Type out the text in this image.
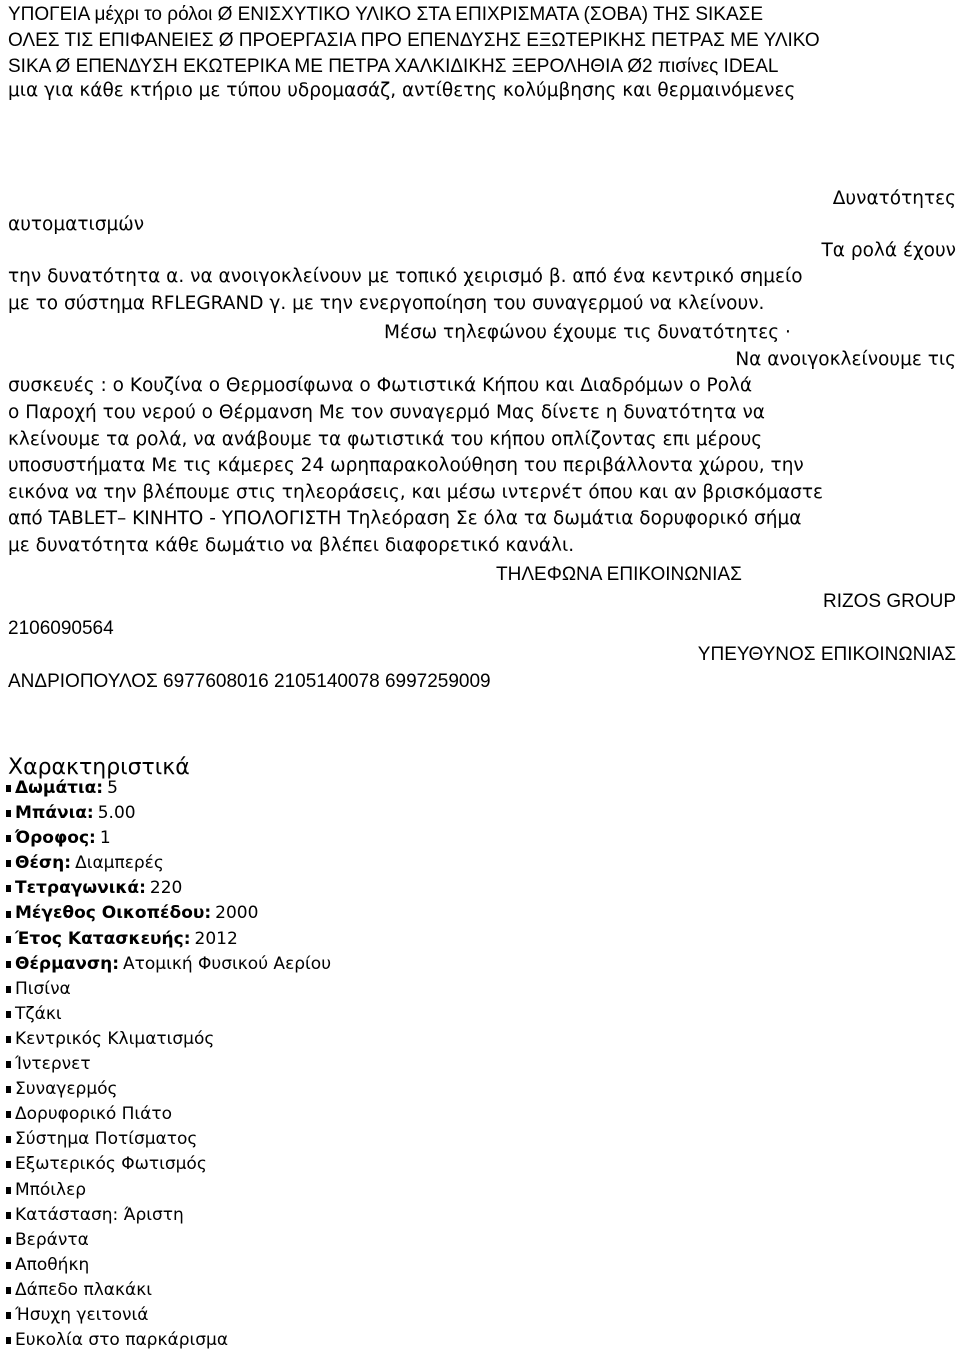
ΥΠΟΓΕΙΑ μέχρι το ρόλοι Ø ΕΝΙΣΧΥΤΙΚΟ ΥΛΙΚΟ ΣΤΑ ΕΠΙΧΡΙΣΜΑΤΑ (ΣΟΒΑ) ΤΗΣ SIKAΣΕ
ΟΛΕΣ ΤΙΣ ΕΠΙΦΑΝΕΙΕΣ Ø ΠΡΟΕΡΓΑΣΙΑ ΠΡΟ ΕΠΕΝΔΥΣΗΣ ΕΞΩΤΕΡΙΚΗΣ ΠΕΤΡΑΣ ΜΕ ΥΛΙΚΟ
SIKA Ø ΕΠΕΝΔΥΣΗ ΕΚΩΤΕΡΙΚΑ ΜΕ ΠΕΤΡΑ ΧΑΛΚΙΔΙΚΗΣ ΞΕΡΟΛΗΘΙΑ Ø2 πισίνες IDEAL
μια για κάθε κτήριο με τύπου υδρομασάζ, αντίθετης κολύμβησης και θερμαινόμενες
Δυνατότητες
αυτοματισμών
Τα ρολά έχουν
την δυνατότητα α. να ανοιγοκλείνουν με τοπικό χειρισμό β. από ένα κεντρικό σημείο
με το σύστημα RFLEGRAND γ. με την ενεργοποίηση του συναγερμού να κλείνουν.
Μέσω τηλεφώνου έχουμε τις δυνατότητες ·
Να ανοιγοκλείνουμε τις
συσκευές : o Κουζίνα o Θερμοσίφωνα o Φωτιστικά Κήπου και Διαδρόμων o Ρολά
o Παροχή του νερού o Θέρμανση Με τον συναγερμό Μας δίνετε η δυνατότητα να
κλείνουμε τα ρολά, να ανάβουμε τα φωτιστικά του κήπου οπλίζοντας επι μέρους
υποσυστήματα Με τις κάμερες 24 ωρηπαρακολούθηση του περιβάλλοντα χώρου, την
εικόνα να την βλέπουμε στις τηλεοράσεις, και μέσω ιντερνέτ όπου και αν βρισκόμαστε
από TABLET– ΚΙΝΗΤΟ - ΥΠΟΛΟΓΙΣΤΗ Τηλεόραση Σε όλα τα δωμάτια δορυφορικό σήμα
με δυνατότητα κάθε δωμάτιο να βλέπει διαφορετικό κανάλι.
ΤΗΛΕΦΩΝΑ ΕΠΙΚΟΙΝΩΝΙΑΣ
RIZOS GROUP
2106090564
ΥΠΕΥΘΥΝΟΣ ΕΠΙΚΟΙΝΩΝΙΑΣ
ΑΝΔΡΙΟΠΟΥΛΟΣ 6977608016 2105140078 6997259009
Χαρακτηριστικά
Δωμάτια: 5
Μπάνια: 5.00
Όροφος: 1
Θέση: Διαμπερές
Τετραγωνικά: 220
Μέγεθος Οικοπέδου: 2000
Έτος Κατασκευής: 2012
Θέρμανση: Ατομική Φυσικού Αερίου
Πισίνα
Τζάκι
Κεντρικός Κλιματισμός
Ίντερνετ
Συναγερμός
Δορυφορικό Πιάτο
Σύστημα Ποτίσματος
Εξωτερικός Φωτισμός
Μπόιλερ
Κατάσταση: Άριστη
Βεράντα
Αποθήκη
Δάπεδο πλακάκι
Ήσυχη γειτονιά
Ευκολία στο παρκάρισμα
